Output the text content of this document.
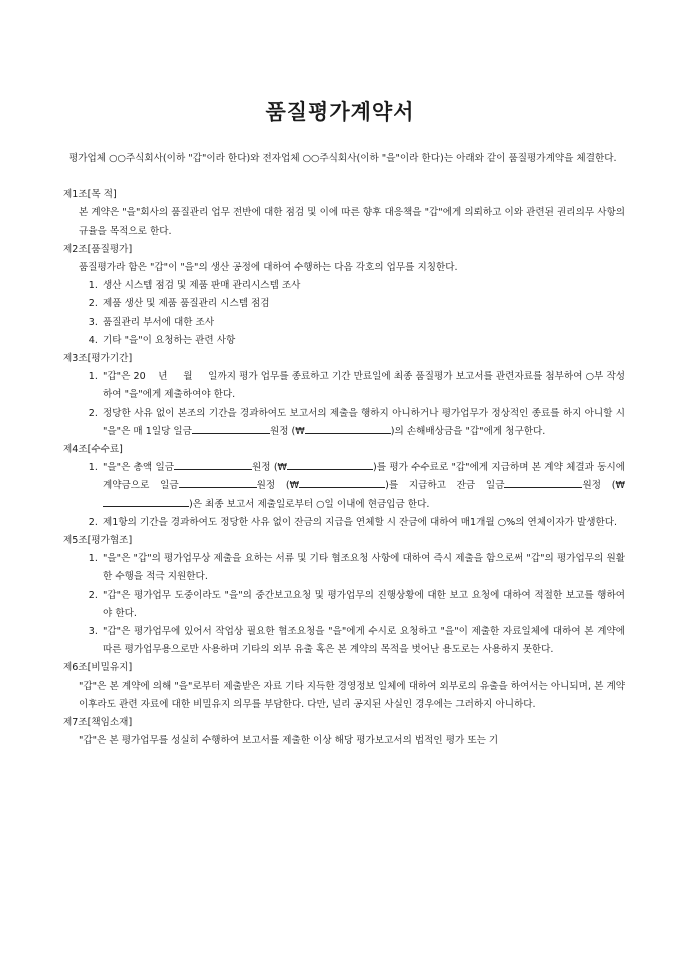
품질평가계약서
평가업체 ○○주식회사(이하 "갑"이라 한다)와 전자업체 ○○주식회사(이하 "을"이라 한다)는 아래와 같이 품질평가계약을 체결한다.
제1조[목 적]
본 계약은 "을"회사의 품질관리 업무 전반에 대한 점검 및 이에 따른 향후 대응책을 "갑"에게 의뢰하고 이와 관련된 권리의무 사항의 규율을 목적으로 한다.
제2조[품질평가]
품질평가라 함은 "갑"이 "을"의 생산 공정에 대하여 수행하는 다음 각호의 업무를 지칭한다.
1. 생산 시스템 점검 및 제품 판매 관리시스템 조사
2. 제품 생산 및 제품 품질관리 시스템 점검
3. 품질관리 부서에 대한 조사
4. 기타 "을"이 요청하는 관련 사항
제3조[평가기간]
1. "갑"은 20    년     월     일까지 평가 업무를 종료하고 기간 만료일에 최종 품질평가 보고서를 관련자료를 첨부하여 ○부 작성하여 "을"에게 제출하여야 한다.
2. 정당한 사유 없이 본조의 기간을 경과하여도 보고서의 제출을 행하지 아니하거나 평가업무가 정상적인 종료를 하지 아니할 시 "을"은 매 1일당 일금	원정 (₩	)의 손해배상금을 "갑"에게 청구한다.
제4조[수수료]
1. "을"은 총액 일금	원정 (₩	)를 평가 수수료로 "갑"에게 지급하며 본 계약 체결과 동시에 계약금으로 일금	원정 (₩	)를 지급하고 잔금 일금	원정 (₩)은 최종 보고서 제출일로부터 ○일 이내에 현금입금 한다.
2. 제1항의 기간을 경과하여도 정당한 사유 없이 잔금의 지급을 연체할 시 잔금에 대하여 매1개월 ○%의 연체이자가 발생한다.
제5조[평가협조]
1. "을"은 "갑"의 평가업무상 제출을 요하는 서류 및 기타 협조요청 사항에 대하여 즉시 제출을 함으로써 "갑"의 평가업무의 원활한 수행을 적극 지원한다.
2. "갑"은 평가업무 도중이라도 "을"의 중간보고요청 및 평가업무의 진행상황에 대한 보고 요청에 대하여 적절한 보고를 행하여야 한다.
3. "갑"은 평가업무에 있어서 작업상 필요한 협조요청을 "을"에게 수시로 요청하고 "을"이 제출한 자료일체에 대하여 본 계약에 따른 평가업무용으로만 사용하며 기타의 외부 유출 혹은 본 계약의 목적을 벗어난 용도로는 사용하지 못한다.
제6조[비밀유지]
"갑"은 본 계약에 의해 "을"로부터 제출받은 자료 기타 지득한 경영정보 일체에 대하여 외부로의 유출을 하여서는 아니되며, 본 계약 이후라도 관련 자료에 대한 비밀유지 의무를 부담한다. 다만, 널리 공지된 사실인 경우에는 그러하지 아니하다.
제7조[책임소재]
"갑"은 본 평가업무를 성실히 수행하여 보고서를 제출한 이상 해당 평가보고서의 법적인 평가 또는 기
